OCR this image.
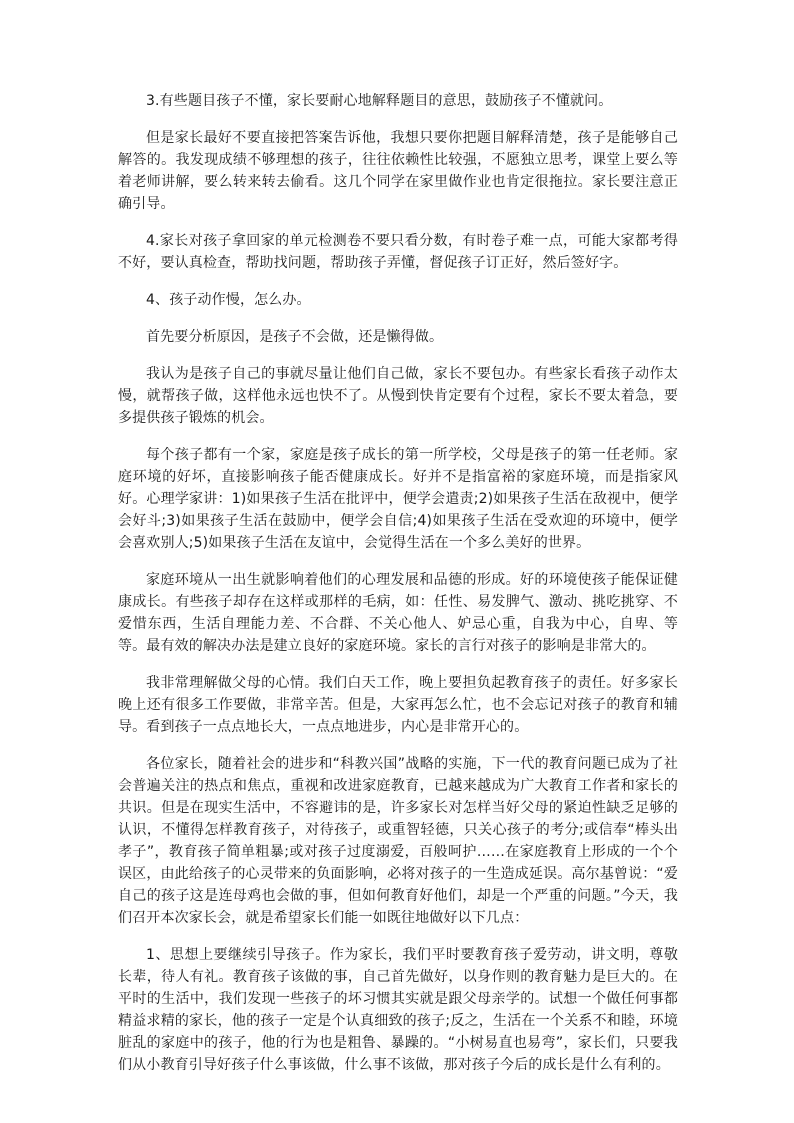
3.有些题目孩子不懂，家长要耐心地解释题目的意思，鼓励孩子不懂就问。

但是家长最好不要直接把答案告诉他，我想只要你把题目解释清楚，孩子是能够自己解答的。我发现成绩不够理想的孩子，往往依赖性比较强，不愿独立思考，课堂上要么等着老师讲解，要么转来转去偷看。这几个同学在家里做作业也肯定很拖拉。家长要注意正确引导。

4.家长对孩子拿回家的单元检测卷不要只看分数，有时卷子难一点，可能大家都考得不好，要认真检查，帮助找问题，帮助孩子弄懂，督促孩子订正好，然后签好字。

4、孩子动作慢，怎么办。

首先要分析原因，是孩子不会做，还是懒得做。

我认为是孩子自己的事就尽量让他们自己做，家长不要包办。有些家长看孩子动作太慢，就帮孩子做，这样他永远也快不了。从慢到快肯定要有个过程，家长不要太着急，要多提供孩子锻炼的机会。

每个孩子都有一个家，家庭是孩子成长的第一所学校，父母是孩子的第一任老师。家庭环境的好坏，直接影响孩子能否健康成长。好并不是指富裕的家庭环境，而是指家风好。心理学家讲：1)如果孩子生活在批评中，便学会遣责;2)如果孩子生活在敌视中，便学会好斗;3)如果孩子生活在鼓励中，便学会自信;4)如果孩子生活在受欢迎的环境中，便学会喜欢别人;5)如果孩子生活在友谊中，会觉得生活在一个多么美好的世界。

家庭环境从一出生就影响着他们的心理发展和品德的形成。好的环境使孩子能保证健康成长。有些孩子却存在这样或那样的毛病，如：任性、易发脾气、激动、挑吃挑穿、不爱惜东西，生活自理能力差、不合群、不关心他人、妒忌心重，自我为中心，自卑、等等。最有效的解决办法是建立良好的家庭环境。家长的言行对孩子的影响是非常大的。

我非常理解做父母的心情。我们白天工作，晚上要担负起教育孩子的责任。好多家长晚上还有很多工作要做，非常辛苦。但是，大家再怎么忙，也不会忘记对孩子的教育和辅导。看到孩子一点点地长大，一点点地进步，内心是非常开心的。

各位家长，随着社会的进步和“科教兴国”战略的实施，下一代的教育问题已成为了社会普遍关注的热点和焦点，重视和改进家庭教育，已越来越成为广大教育工作者和家长的共识。但是在现实生活中，不容避讳的是，许多家长对怎样当好父母的紧迫性缺乏足够的认识，不懂得怎样教育孩子，对待孩子，或重智轻德，只关心孩子的考分;或信奉“棒头出孝子”，教育孩子简单粗暴;或对孩子过度溺爱，百般呵护……在家庭教育上形成的一个个误区，由此给孩子的心灵带来的负面影响，必将对孩子的一生造成延误。高尔基曾说：“爱自己的孩子这是连母鸡也会做的事，但如何教育好他们，却是一个严重的问题。”今天，我们召开本次家长会，就是希望家长们能一如既往地做好以下几点：

1、思想上要继续引导孩子。作为家长，我们平时要教育孩子爱劳动，讲文明，尊敬长辈，待人有礼。教育孩子该做的事，自己首先做好，以身作则的教育魅力是巨大的。在平时的生活中，我们发现一些孩子的坏习惯其实就是跟父母亲学的。试想一个做任何事都精益求精的家长，他的孩子一定是个认真细致的孩子;反之，生活在一个关系不和睦，环境脏乱的家庭中的孩子，他的行为也是粗鲁、暴躁的。“小树易直也易弯”，家长们，只要我们从小教育引导好孩子什么事该做，什么事不该做，那对孩子今后的成长是什么有利的。
